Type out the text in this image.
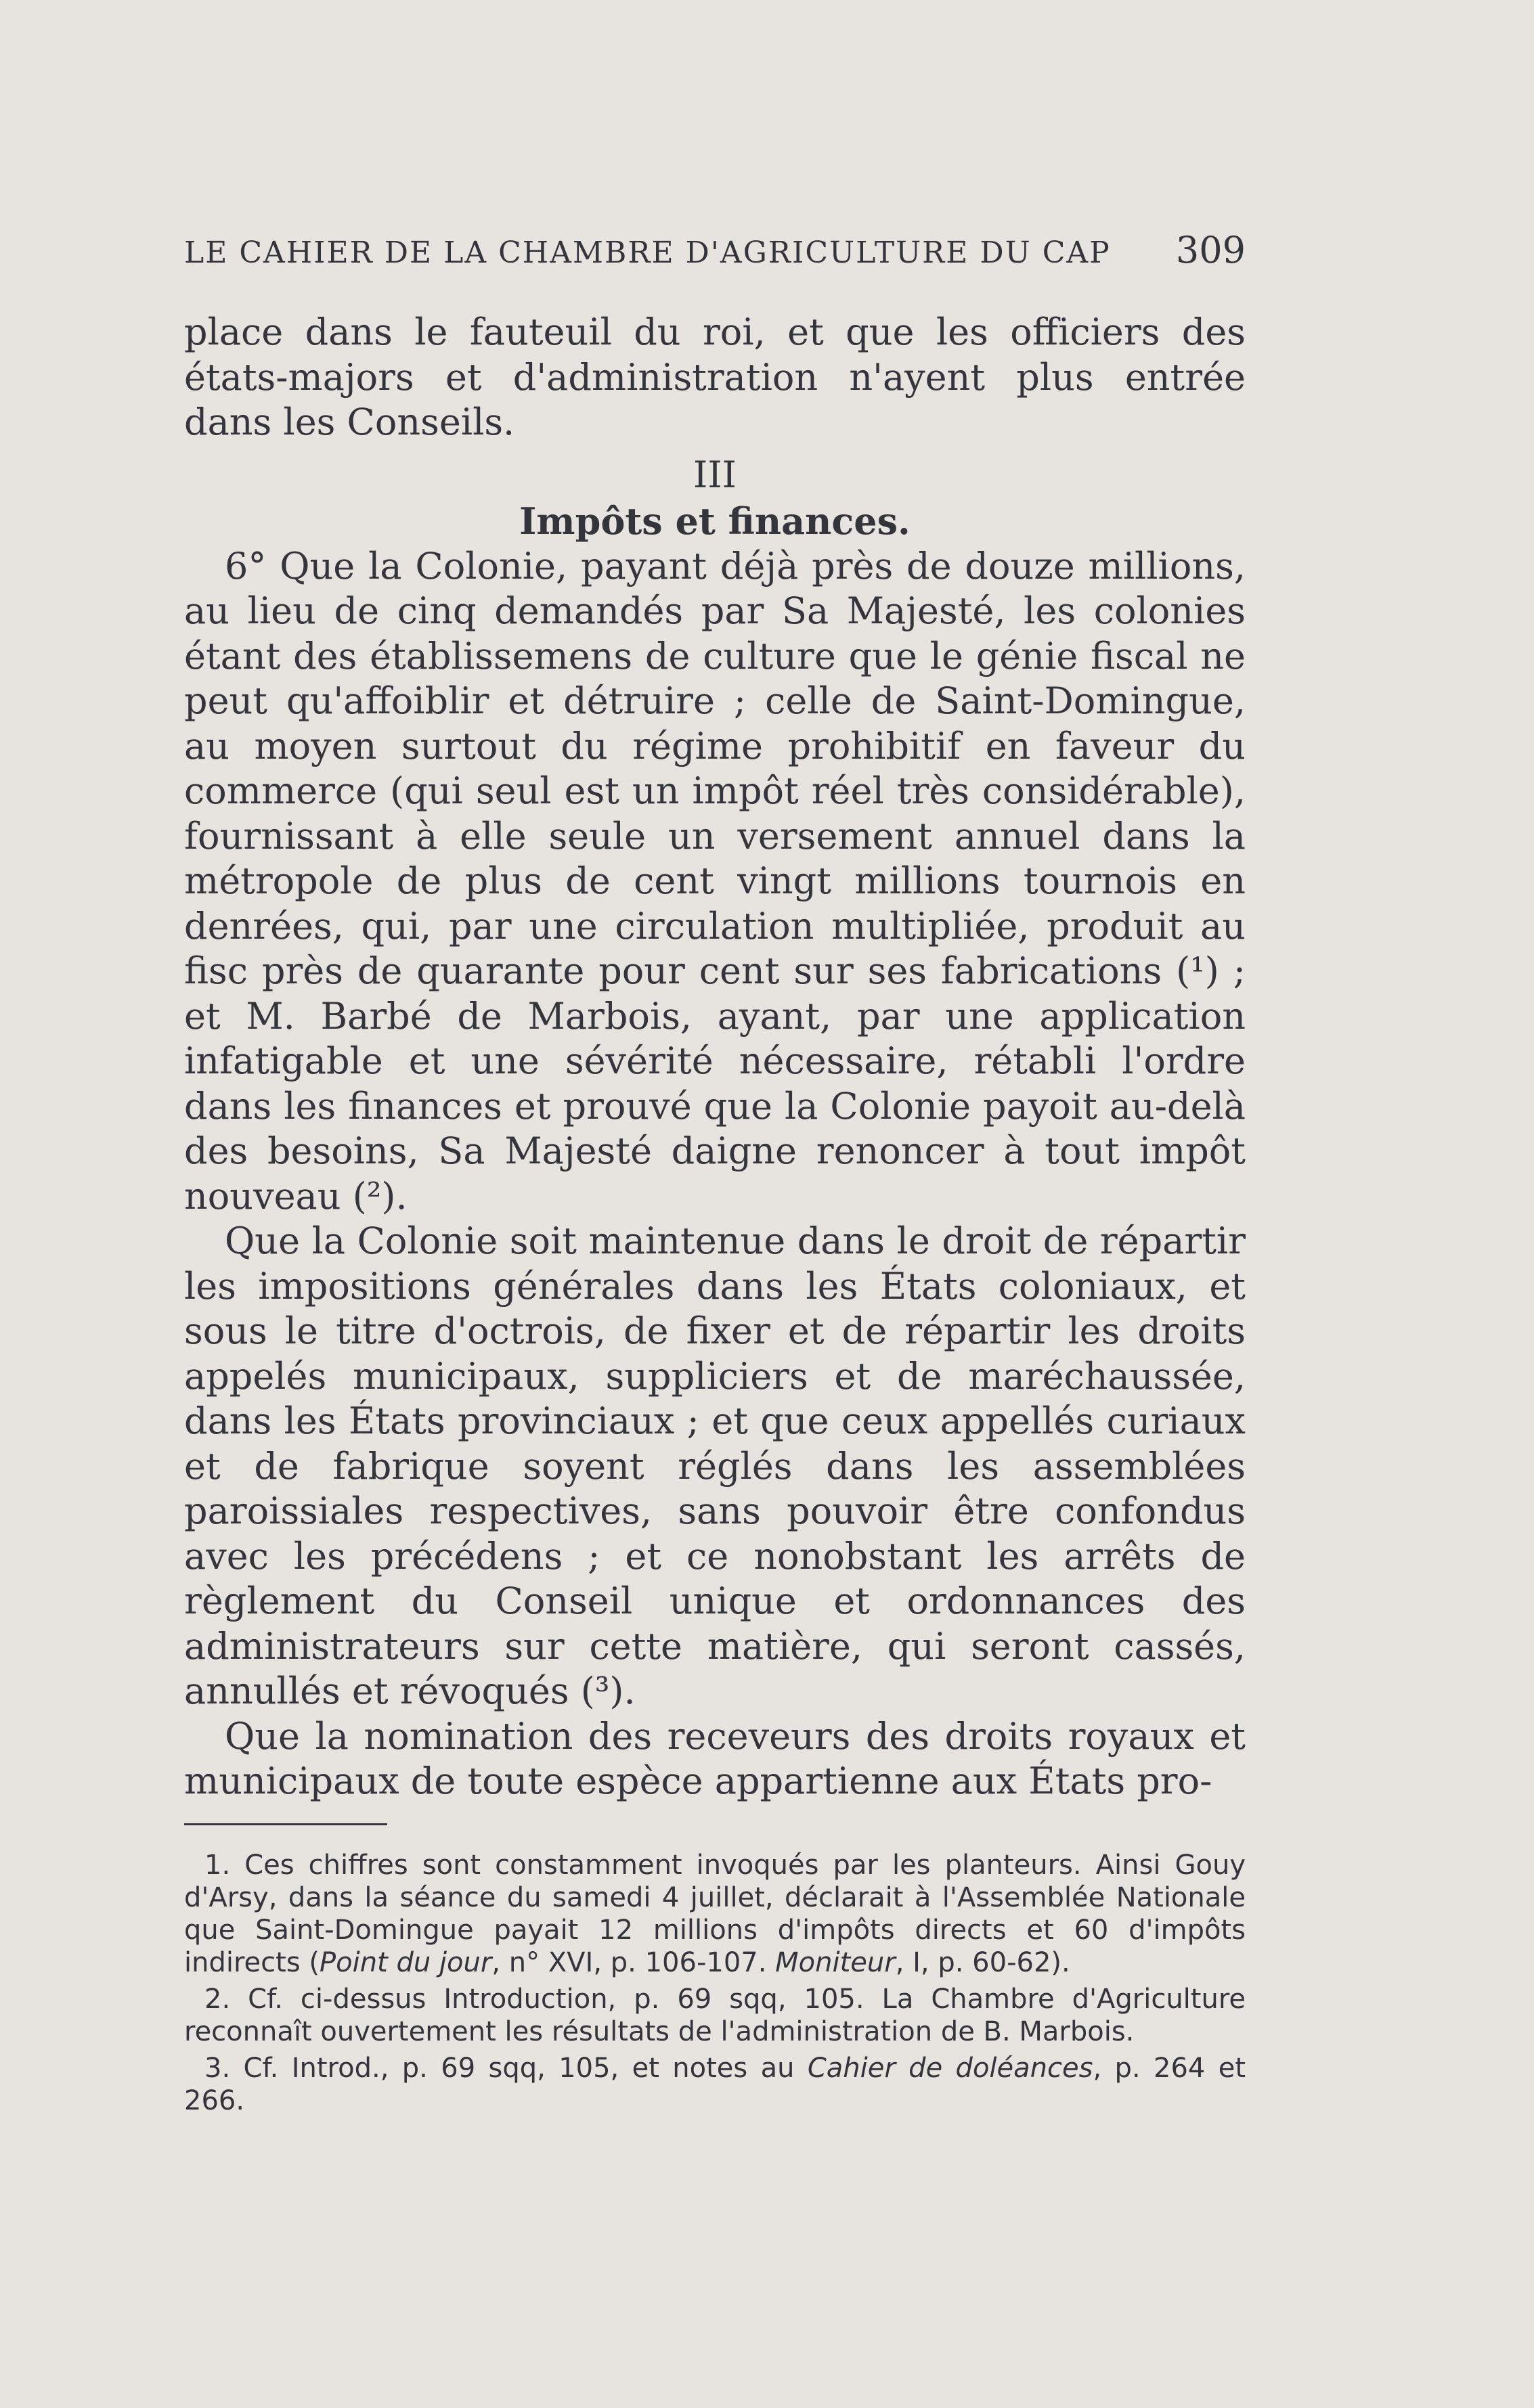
LE CAHIER DE LA CHAMBRE D'AGRICULTURE DU CAP 309

place dans le fauteuil du roi, et que les officiers des états-majors et d'administration n'ayent plus entrée dans les Conseils.

III

Impôts et finances.

6° Que la Colonie, payant déjà près de douze millions, au lieu de cinq demandés par Sa Majesté, les colonies étant des établissemens de culture que le génie fiscal ne peut qu'affoiblir et détruire ; celle de Saint-Domingue, au moyen surtout du régime prohibitif en faveur du commerce (qui seul est un impôt réel très considérable), fournissant à elle seule un versement annuel dans la métropole de plus de cent vingt millions tournois en denrées, qui, par une circulation multipliée, produit au fisc près de quarante pour cent sur ses fabrications (¹) ; et M. Barbé de Marbois, ayant, par une application infatigable et une sévérité nécessaire, rétabli l'ordre dans les finances et prouvé que la Colonie payoit au-delà des besoins, Sa Majesté daigne renoncer à tout impôt nouveau (²).

Que la Colonie soit maintenue dans le droit de répartir les impositions générales dans les États coloniaux, et sous le titre d'octrois, de fixer et de répartir les droits appelés municipaux, suppliciers et de maréchaussée, dans les États provinciaux ; et que ceux appellés curiaux et de fabrique soyent réglés dans les assemblées paroissiales respectives, sans pouvoir être confondus avec les précédens ; et ce nonobstant les arrêts de règlement du Conseil unique et ordonnances des administrateurs sur cette matière, qui seront cassés, annullés et révoqués (³).

Que la nomination des receveurs des droits royaux et municipaux de toute espèce appartienne aux États pro-

1. Ces chiffres sont constamment invoqués par les planteurs. Ainsi Gouy d'Arsy, dans la séance du samedi 4 juillet, déclarait à l'Assemblée Nationale que Saint-Domingue payait 12 millions d'impôts directs et 60 d'impôts indirects (Point du jour, n° XVI, p. 106-107. Moniteur, I, p. 60-62).

2. Cf. ci-dessus Introduction, p. 69 sqq, 105. La Chambre d'Agriculture reconnaît ouvertement les résultats de l'administration de B. Marbois.

3. Cf. Introd., p. 69 sqq, 105, et notes au Cahier de doléances, p. 264 et 266.
